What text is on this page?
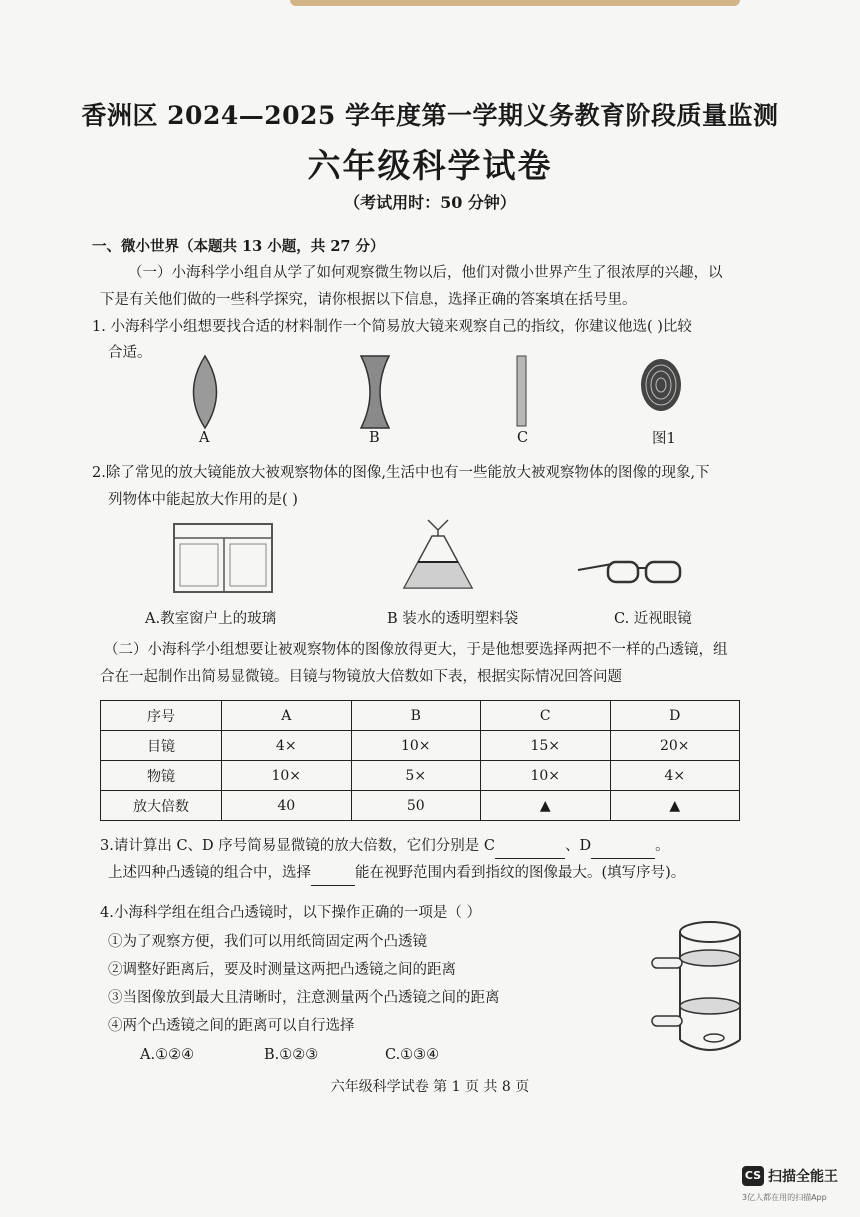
香洲区 2024—2025 学年度第一学期义务教育阶段质量监测
六年级科学试卷
（考试用时：50 分钟）
一、微小世界（本题共 13 小题，共 27 分）
（一）小海科学小组自从学了如何观察微生物以后，他们对微小世界产生了很浓厚的兴趣，以
下是有关他们做的一些科学探究，请你根据以下信息，选择正确的答案填在括号里。
1. 小海科学小组想要找合适的材料制作一个简易放大镜来观察自己的指纹，你建议他选( )比较
合适。
A	B	C	图1
2.除了常见的放大镜能放大被观察物体的图像,生活中也有一些能放大被观察物体的图像的现象,下
列物体中能起放大作用的是( )
A.教室窗户上的玻璃	B 装水的透明塑料袋	C. 近视眼镜
（二）小海科学小组想要让被观察物体的图像放得更大，于是他想要选择两把不一样的凸透镜，组
合在一起制作出简易显微镜。目镜与物镜放大倍数如下表，根据实际情况回答问题
序号	A	B	C	D
目镜	4×	10×	15×	20×
物镜	10×	5×	10×	4×
放大倍数	40	50	▲	▲
3.请计算出 C、D 序号简易显微镜的放大倍数，它们分别是 C	、D	。
上述四种凸透镜的组合中，选择	能在视野范围内看到指纹的图像最大。(填写序号)。
4.小海科学组在组合凸透镜时，以下操作正确的一项是（ ）
①为了观察方便，我们可以用纸筒固定两个凸透镜
②调整好距离后，要及时测量这两把凸透镜之间的距离
③当图像放到最大且清晰时，注意测量两个凸透镜之间的距离
④两个凸透镜之间的距离可以自行选择
A.①②④	B.①②③	C.①③④
六年级科学试卷 第 1 页 共 8 页
CS 扫描全能王
3亿人都在用的扫描App
